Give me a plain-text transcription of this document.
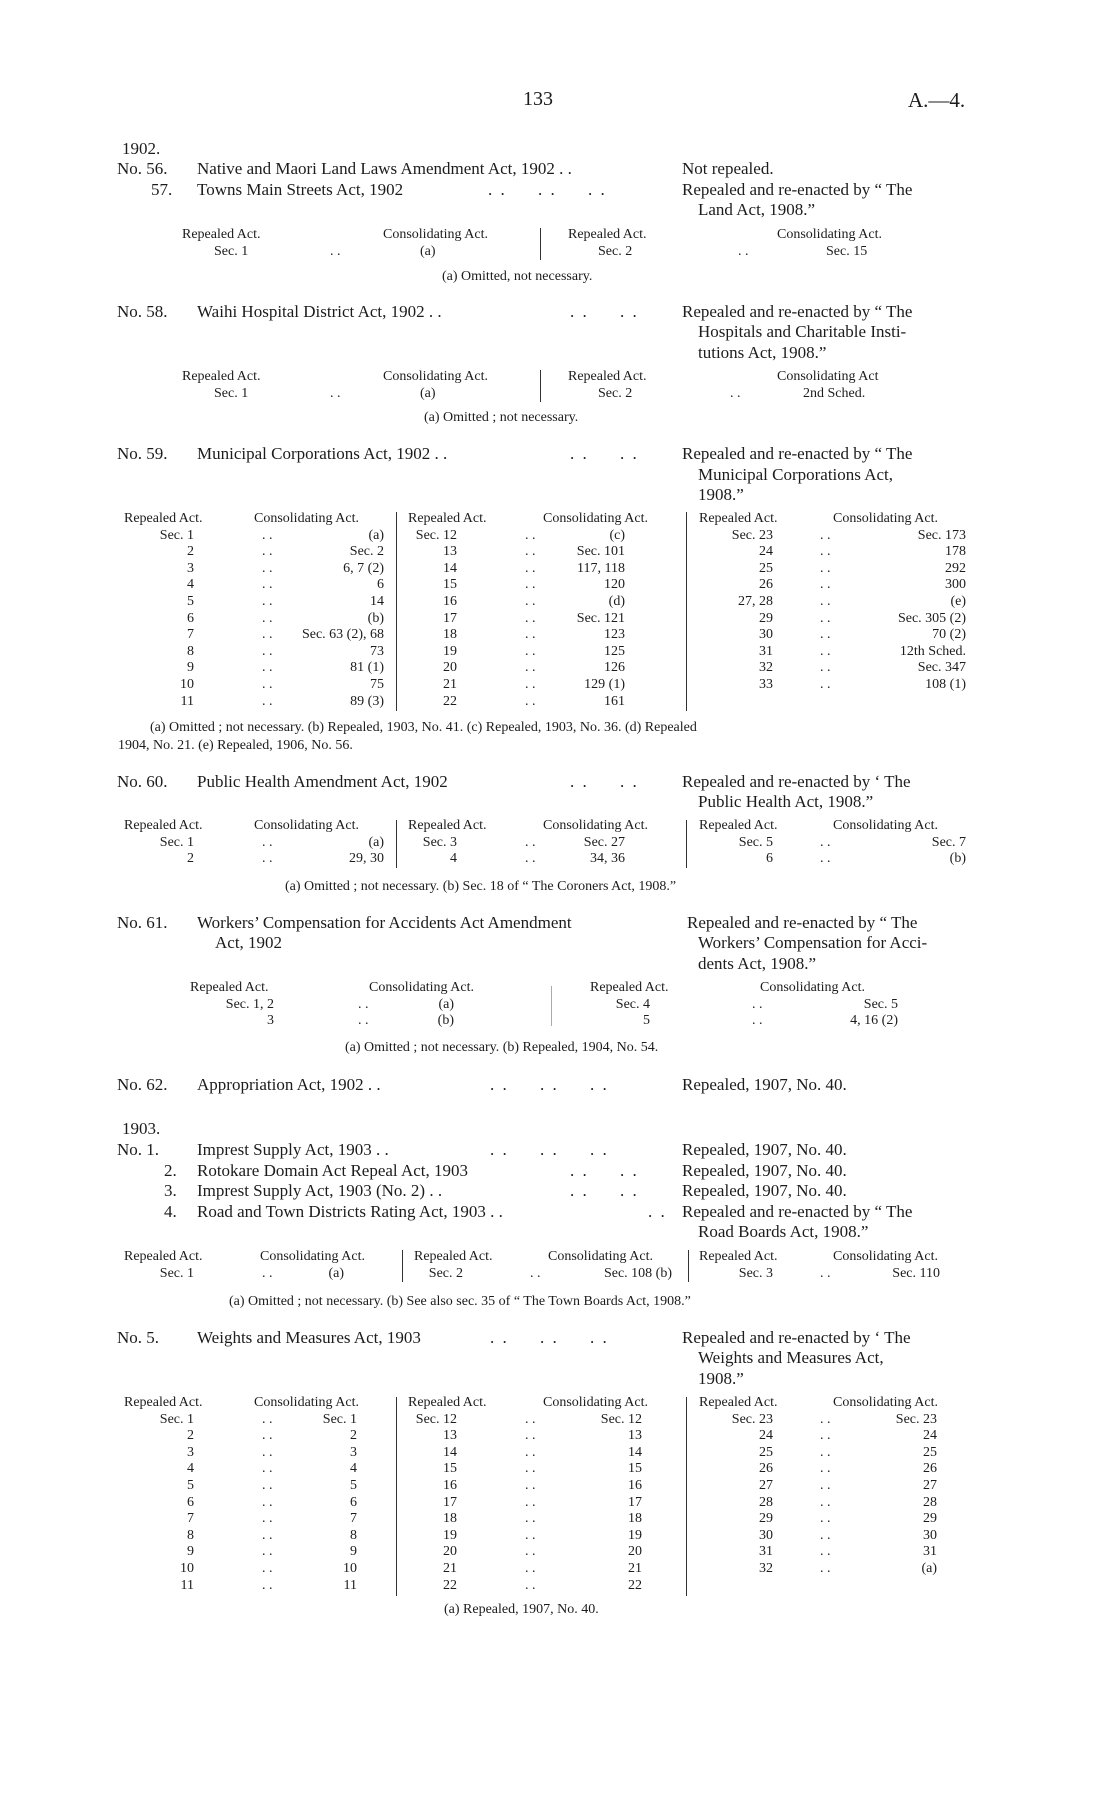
133	A.—4.
1902.
No. 56. Native and Maori Land Laws Amendment Act, 1902 . .	Not repealed.
57. Towns Main Streets Act, 1902	. .     . .     . .	Repealed and re-enacted by “ The
Land Act, 1908.”
Repealed Act.	Consolidating Act.	Repealed Act.	Consolidating Act.
Sec. 1	. .	(a)	Sec. 2	. .	Sec. 15
(a) Omitted, not necessary.
No. 58. Waihi Hospital District Act, 1902 . .	. .     . .	Repealed and re-enacted by “ The
Hospitals and Charitable Insti-
tutions Act, 1908.”
Repealed Act.	Consolidating Act.	Repealed Act.	Consolidating Act
Sec. 1	. .	(a)	Sec. 2	. .	2nd Sched.
(a) Omitted ; not necessary.
No. 59. Municipal Corporations Act, 1902 . .	. .     . .	Repealed and re-enacted by “ The
Municipal Corporations Act,
1908.”
Repealed Act.	Consolidating Act.	Repealed Act.	Consolidating Act.	Repealed Act.	Consolidating Act.
Sec. 1	. .	(a)	Sec. 12	. .	(c)	Sec. 23	. .	Sec. 173
2	. .	Sec. 2	13	. .	Sec. 101	24	. .	178
3	. .	6, 7 (2)	14	. .	117, 118	25	. .	292
4	. .	6	15	. .	120	26	. .	300
5	. .	14	16	. .	(d)	27, 28	. .	(e)
6	. .	(b)	17	. .	Sec. 121	29	. .	Sec. 305 (2)
7	. .	Sec. 63 (2), 68	18	. .	123	30	. .	70 (2)
8	. .	73	19	. .	125	31	. .	12th Sched.
9	. .	81 (1)	20	. .	126	32	. .	Sec. 347
10	. .	75	21	. .	129 (1)	33	. .	108 (1)
11	. .	89 (3)	22	. .	161
(a) Omitted ; not necessary. (b) Repealed, 1903, No. 41. (c) Repealed, 1903, No. 36. (d) Repealed
1904, No. 21. (e) Repealed, 1906, No. 56.
No. 60. Public Health Amendment Act, 1902	. .     . .	Repealed and re-enacted by ‘ The
Public Health Act, 1908.”
Repealed Act.	Consolidating Act.	Repealed Act.	Consolidating Act.	Repealed Act.	Consolidating Act.
Sec. 1	. .	(a)	Sec. 3	. .	Sec. 27	Sec. 5	. .	Sec. 7
2	. .	29, 30	4	. .	34, 36	6	. .	(b)
(a) Omitted ; not necessary. (b) Sec. 18 of “ The Coroners Act, 1908.”
No. 61. Workers’ Compensation for Accidents Act Amendment
Act, 1902
Repealed and re-enacted by “ The
Workers’ Compensation for Acci-
dents Act, 1908.”
Repealed Act.	Consolidating Act.	Repealed Act.	Consolidating Act.
Sec. 1, 2	. .	(a)	Sec. 4	. .	Sec. 5
3	. .	(b)	5	. .	4, 16 (2)
(a) Omitted ; not necessary. (b) Repealed, 1904, No. 54.
No. 62. Appropriation Act, 1902 . .	. .     . .     . .	Repealed, 1907, No. 40.
1903.
No. 1. Imprest Supply Act, 1903 . .	. .     . .     . .	Repealed, 1907, No. 40.
2. Rotokare Domain Act Repeal Act, 1903	. .     . .	Repealed, 1907, No. 40.
3. Imprest Supply Act, 1903 (No. 2) . .	. .     . .	Repealed, 1907, No. 40.
4. Road and Town Districts Rating Act, 1903 . .	. . Repealed and re-enacted by “ The
Road Boards Act, 1908.”
Repealed Act.	Consolidating Act.	Repealed Act.	Consolidating Act.	Repealed Act.	Consolidating Act.
Sec. 1	. .	(a)	Sec. 2	. .	Sec. 108 (b)	Sec. 3	. .	Sec. 110
(a) Omitted ; not necessary. (b) See also sec. 35 of “ The Town Boards Act, 1908.”
No. 5. Weights and Measures Act, 1903	. .     . .     . .	Repealed and re-enacted by ‘ The
Weights and Measures Act,
1908.”
Repealed Act.	Consolidating Act.	Repealed Act.	Consolidating Act.	Repealed Act.	Consolidating Act.
Sec. 1	. .	Sec. 1	Sec. 12	. .	Sec. 12	Sec. 23	. .	Sec. 23
2	. .	2	13	. .	13	24	. .	24
3	. .	3	14	. .	14	25	. .	25
4	. .	4	15	. .	15	26	. .	26
5	. .	5	16	. .	16	27	. .	27
6	. .	6	17	. .	17	28	. .	28
7	. .	7	18	. .	18	29	. .	29
8	. .	8	19	. .	19	30	. .	30
9	. .	9	20	. .	20	31	. .	31
10	. .	10	21	. .	21	32	. .	(a)
11	. .	11	22	. .	22
(a) Repealed, 1907, No. 40.
